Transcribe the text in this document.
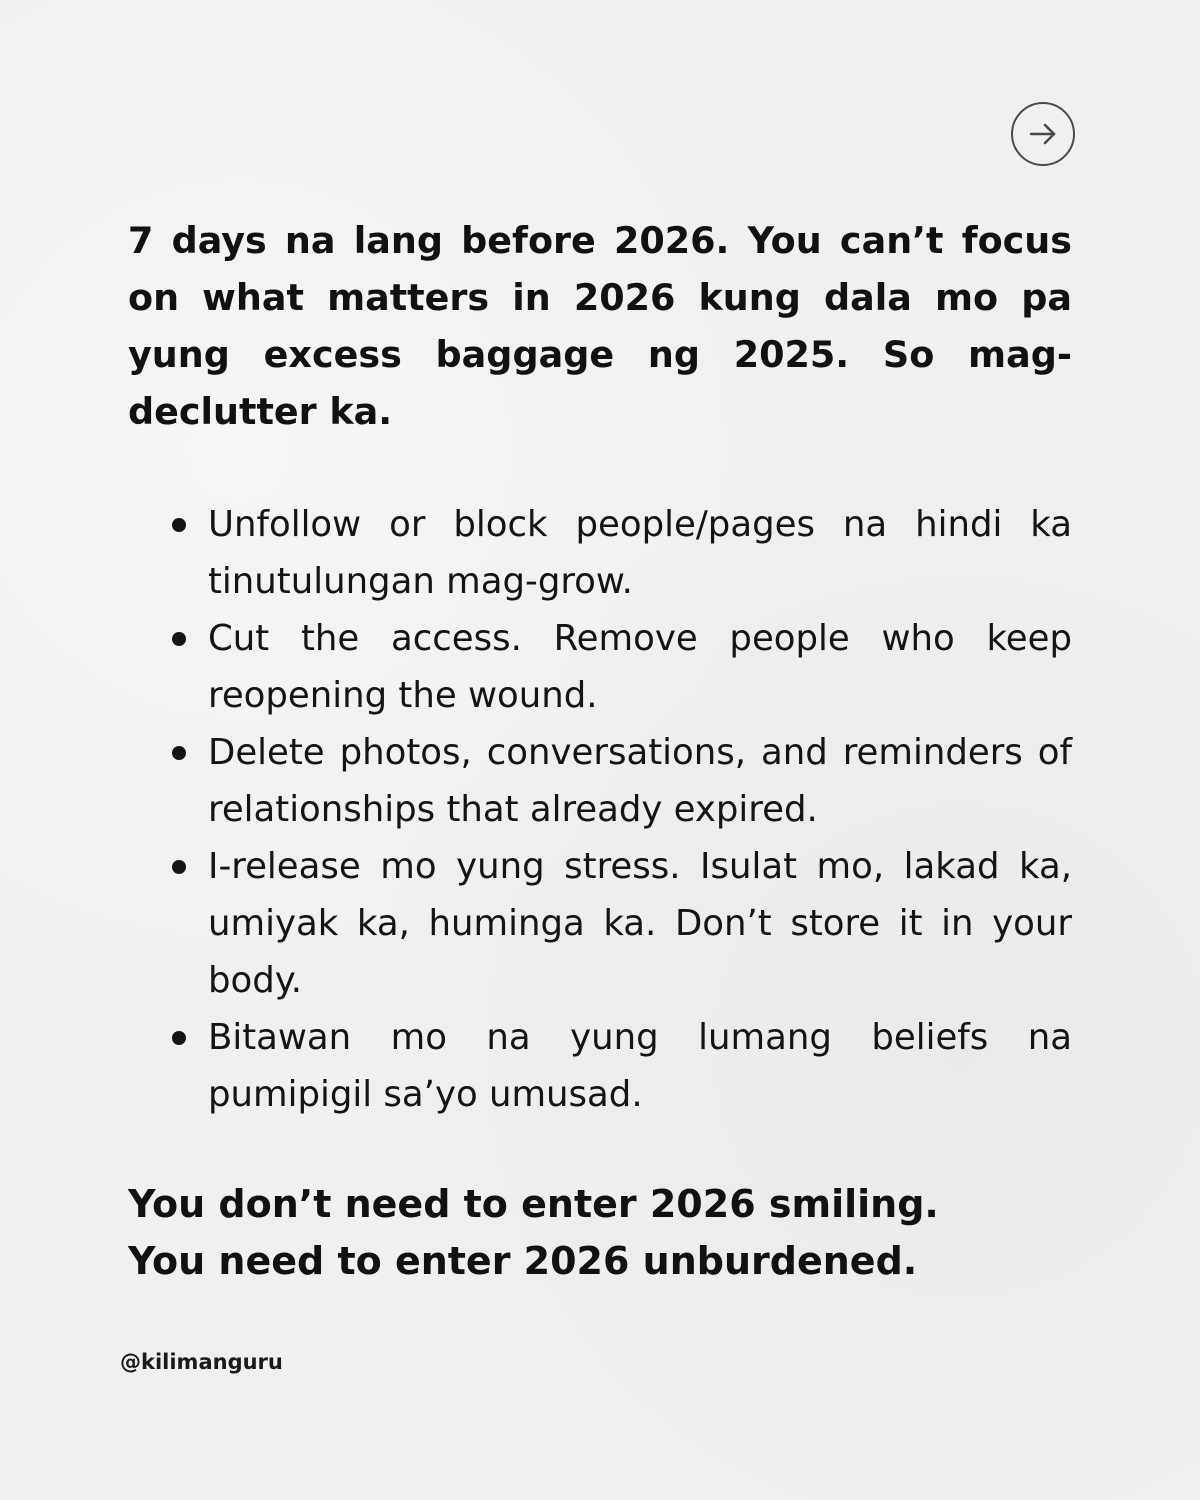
7 days na lang before 2026. You can’t focus on what matters in 2026 kung dala mo pa yung excess baggage ng 2025. So mag-declutter ka.

Unfollow or block people/pages na hindi ka tinutulungan mag-grow.
Cut the access. Remove people who keep reopening the wound.
Delete photos, conversations, and reminders of relationships that already expired.
I-release mo yung stress. Isulat mo, lakad ka, umiyak ka, huminga ka. Don’t store it in your body.
Bitawan mo na yung lumang beliefs na pumipigil sa’yo umusad.
You don’t need to enter 2026 smiling.
You need to enter 2026 unburdened.
@kilimanguru
